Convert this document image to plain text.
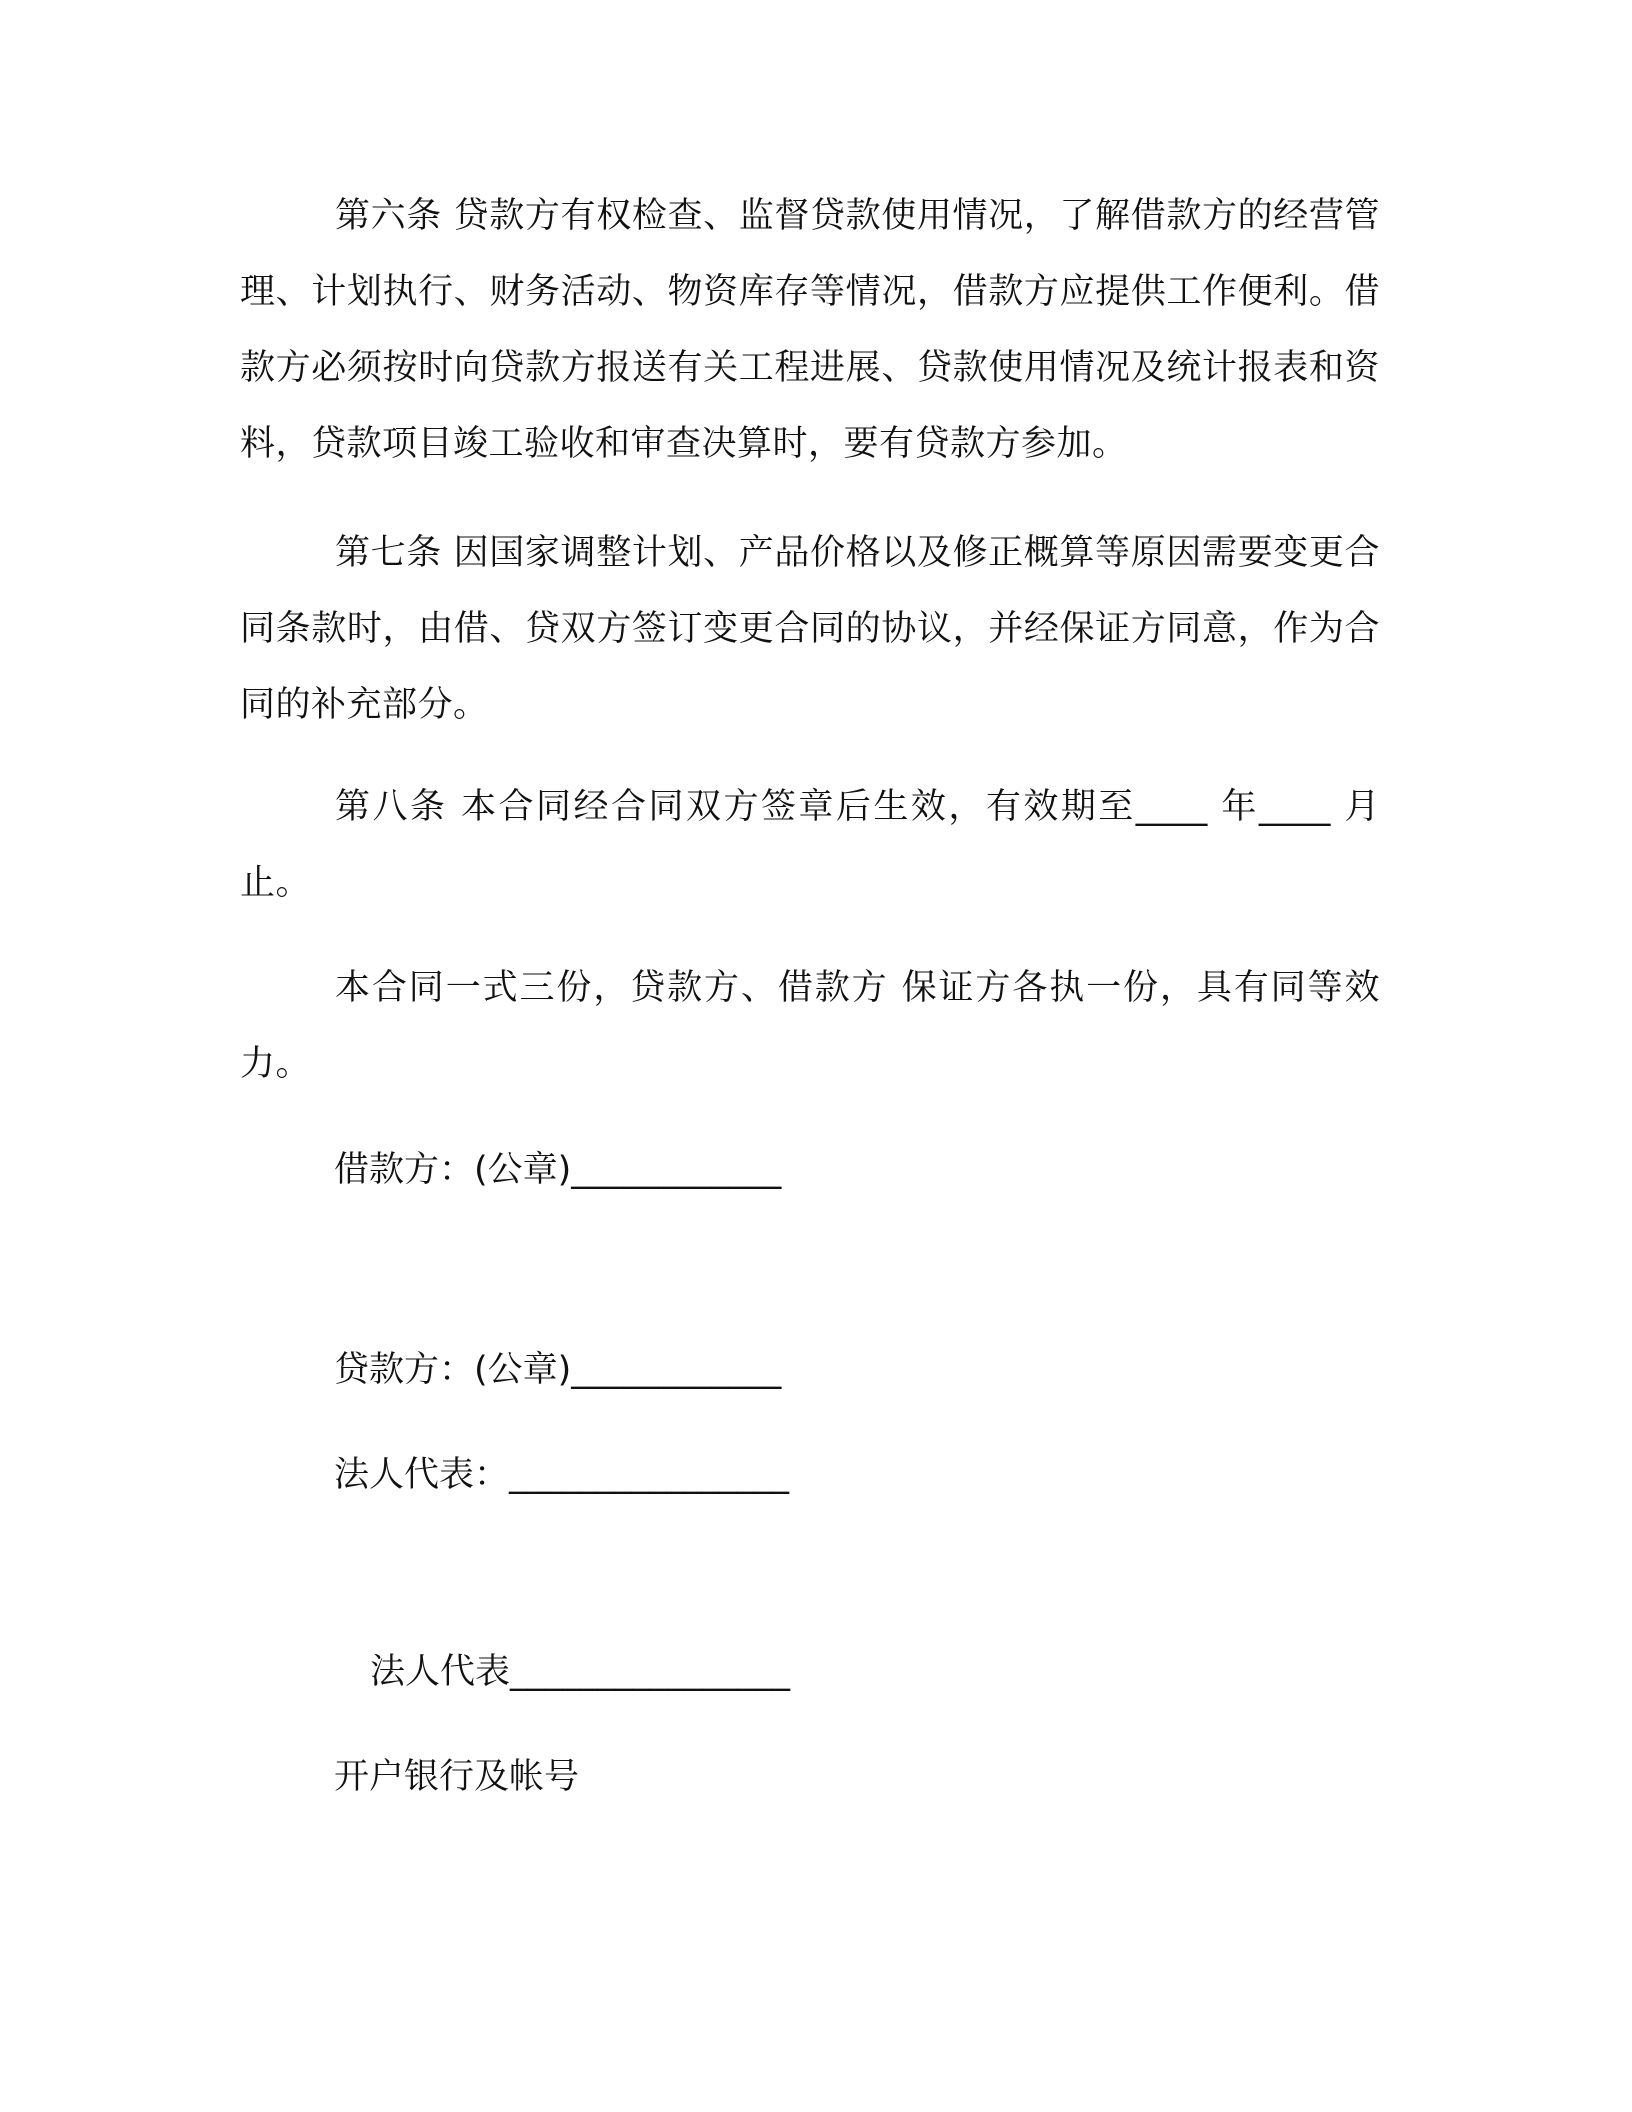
第六条 贷款方有权检查、监督贷款使用情况，了解借款方的经营管理、计划执行、财务活动、物资库存等情况，借款方应提供工作便利。借款方必须按时向贷款方报送有关工程进展、贷款使用情况及统计报表和资料，贷款项目竣工验收和审查决算时，要有贷款方参加。

第七条 因国家调整计划、产品价格以及修正概算等原因需要变更合同条款时，由借、贷双方签订变更合同的协议，并经保证方同意，作为合同的补充部分。

第八条 本合同经合同双方签章后生效，有效期至____ 年____ 月止。

本合同一式三份，贷款方、借款方 保证方各执一份，具有同等效力。

借款方：(公章)____________

贷款方：(公章)____________

法人代表：________________

法人代表________________

开户银行及帐号
